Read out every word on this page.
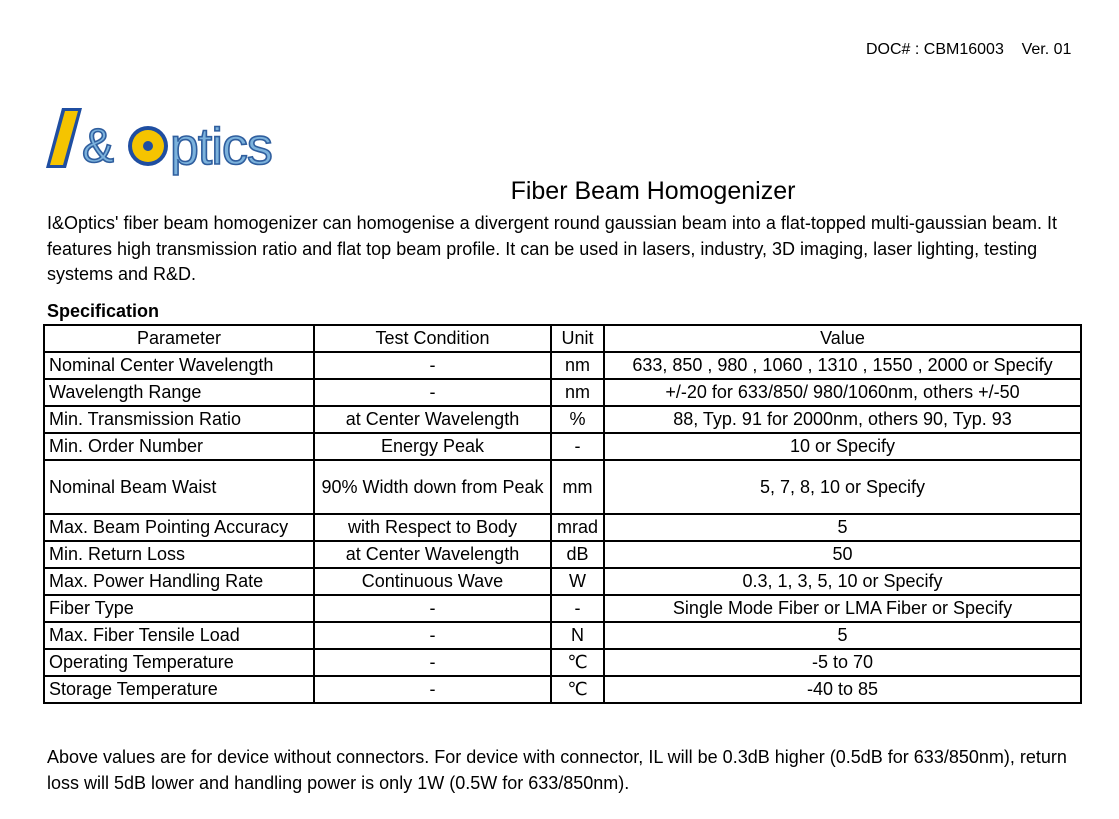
DOC# : CBM16003    Ver. 01
& ptics
Fiber Beam Homogenizer

I&Optics' fiber beam homogenizer can homogenise a divergent round gaussian beam into a flat-topped multi-gaussian beam. It features high transmission ratio and flat top beam profile. It can be used in lasers, industry, 3D imaging, laser lighting, testing systems and R&D.

Specification
Parameter	Test Condition	Unit	Value
Nominal Center Wavelength	-	nm	633, 850 , 980 , 1060 , 1310 , 1550 , 2000 or Specify
Wavelength Range	-	nm	+/-20 for 633/850/ 980/1060nm, others +/-50
Min. Transmission Ratio	at Center Wavelength	%	88, Typ. 91 for 2000nm, others 90, Typ. 93
Min. Order Number	Energy Peak	-	10 or Specify
Nominal Beam Waist	90% Width down from Peak	mm	5, 7, 8, 10 or Specify
Max. Beam Pointing Accuracy	with Respect to Body	mrad	5
Min. Return Loss	at Center Wavelength	dB	50
Max. Power Handling Rate	Continuous Wave	W	0.3, 1, 3, 5, 10 or Specify
Fiber Type	-	-	Single Mode Fiber or LMA Fiber or Specify
Max. Fiber Tensile Load	-	N	5
Operating Temperature	-	℃	-5 to 70
Storage Temperature	-	℃	-40 to 85

Above values are for device without connectors. For device with connector, IL will be 0.3dB higher (0.5dB for 633/850nm), return loss will 5dB lower and handling power is only 1W (0.5W for 633/850nm).
